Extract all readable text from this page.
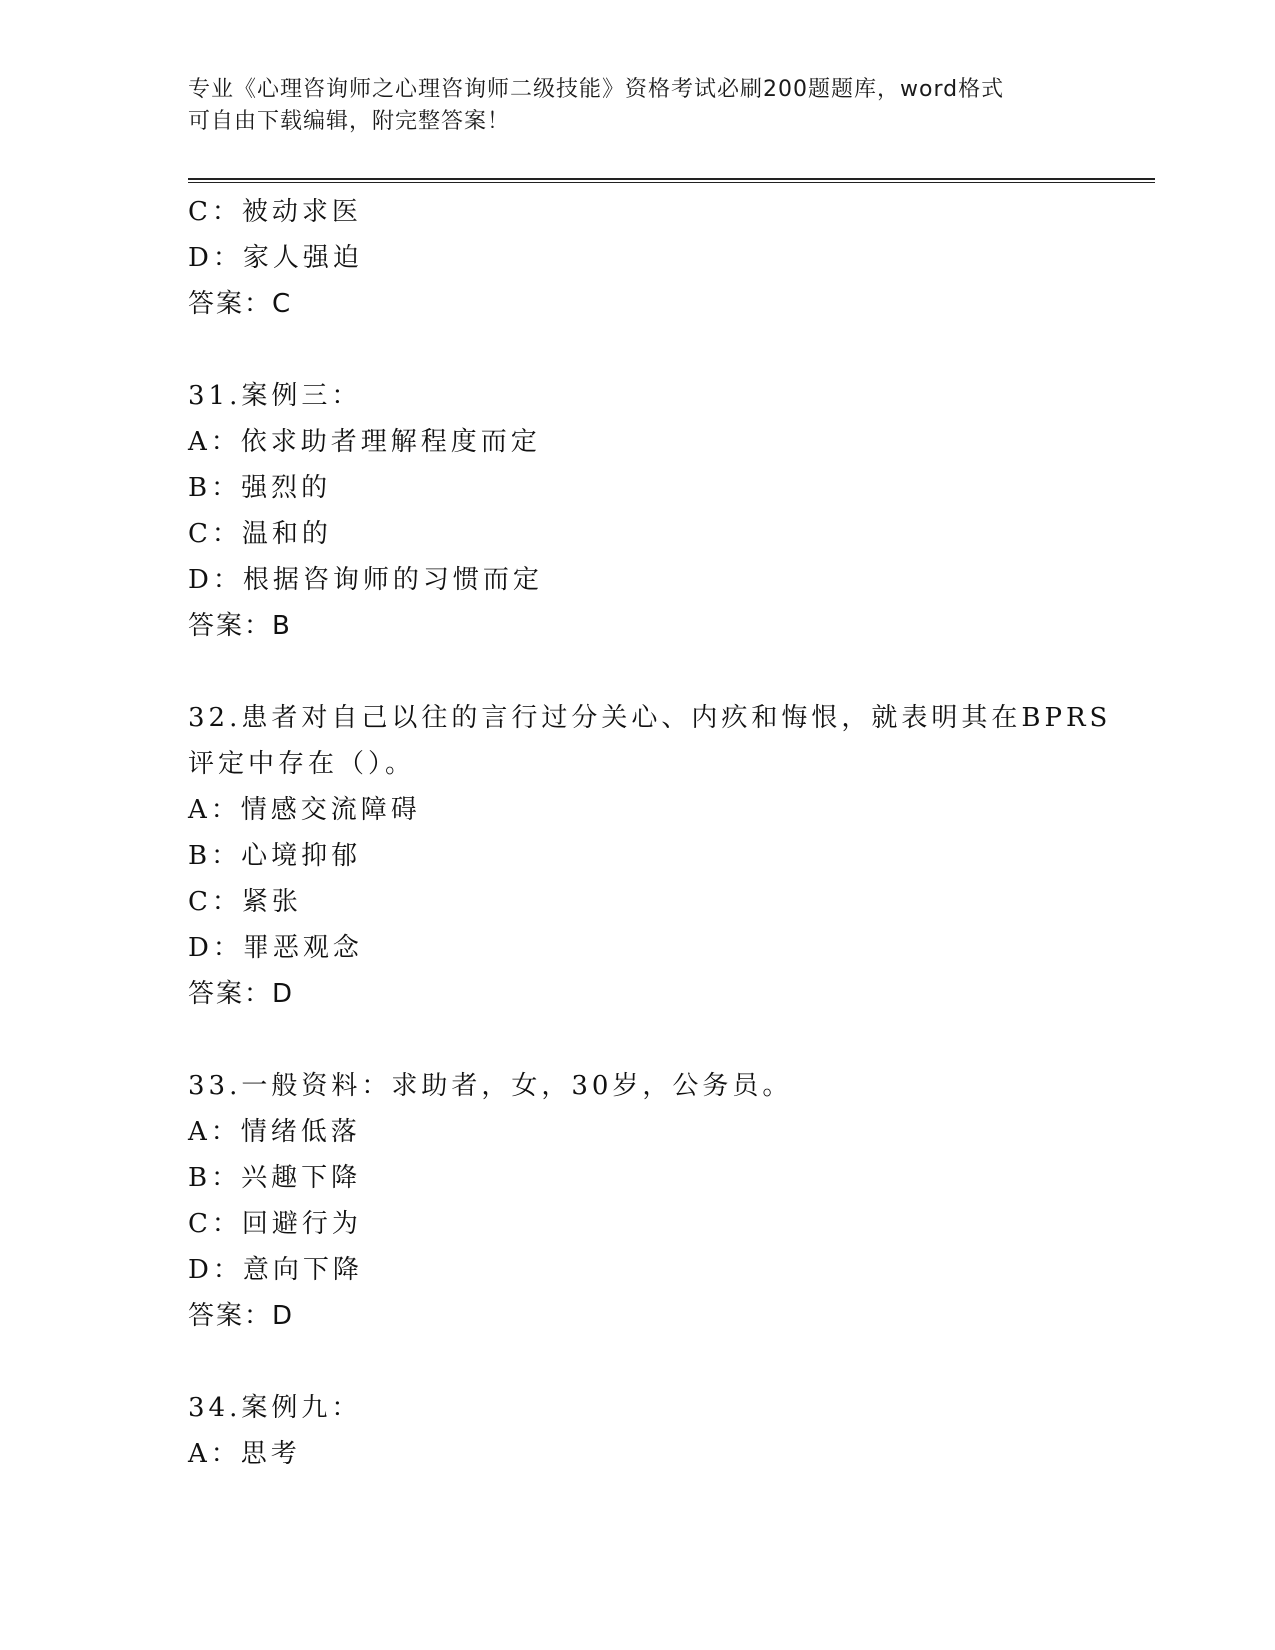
专业《心理咨询师之心理咨询师二级技能》资格考试必刷200题题库，word格式
可自由下载编辑，附完整答案！
C：被动求医
D：家人强迫
答案：C
31.案例三：
A：依求助者理解程度而定
B：强烈的
C：温和的
D：根据咨询师的习惯而定
答案：B
32.患者对自己以往的言行过分关心、内疚和悔恨，就表明其在BPRS
评定中存在（）。
A：情感交流障碍
B：心境抑郁
C：紧张
D：罪恶观念
答案：D
33.一般资料：求助者，女，30岁，公务员。
A：情绪低落
B：兴趣下降
C：回避行为
D：意向下降
答案：D
34.案例九：
A：思考
